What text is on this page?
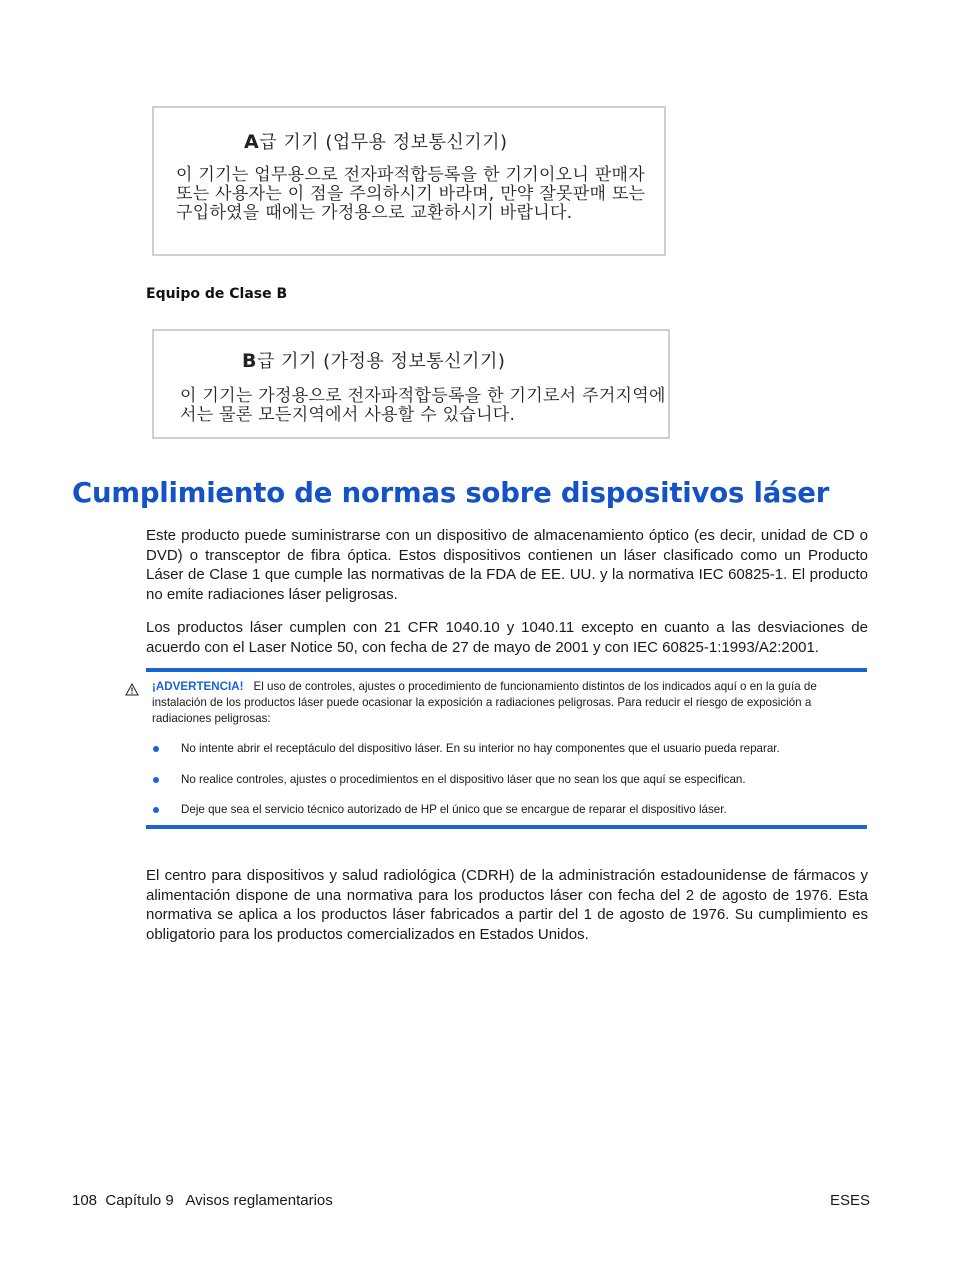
A급 기기 (업무용 정보통신기기)
이 기기는 업무용으로 전자파적합등록을 한 기기이오니 판매자 또는 사용자는 이 점을 주의하시기 바라며, 만약 잘못판매 또는 구입하였을 때에는 가정용으로 교환하시기 바랍니다.
Equipo de Clase B
B급 기기 (가정용 정보통신기기)
이 기기는 가정용으로 전자파적합등록을 한 기기로서 주거지역에서는 물론 모든지역에서 사용할 수 있습니다.
Cumplimiento de normas sobre dispositivos láser

Este producto puede suministrarse con un dispositivo de almacenamiento óptico (es decir, unidad de CD o DVD) o transceptor de fibra óptica. Estos dispositivos contienen un láser clasificado como un Producto Láser de Clase 1 que cumple las normativas de la FDA de EE. UU. y la normativa IEC 60825-1. El producto no emite radiaciones láser peligrosas.

Los productos láser cumplen con 21 CFR 1040.10 y 1040.11 excepto en cuanto a las desviaciones de acuerdo con el Laser Notice 50, con fecha de 27 de mayo de 2001 y con IEC 60825-1:1993/A2:2001.

¡ADVERTENCIA! El uso de controles, ajustes o procedimiento de funcionamiento distintos de los indicados aquí o en la guía de instalación de los productos láser puede ocasionar la exposición a radiaciones peligrosas. Para reducir el riesgo de exposición a radiaciones peligrosas:

No intente abrir el receptáculo del dispositivo láser. En su interior no hay componentes que el usuario pueda reparar.
No realice controles, ajustes o procedimientos en el dispositivo láser que no sean los que aquí se especifican.
Deje que sea el servicio técnico autorizado de HP el único que se encargue de reparar el dispositivo láser.

El centro para dispositivos y salud radiológica (CDRH) de la administración estadounidense de fármacos y alimentación dispone de una normativa para los productos láser con fecha del 2 de agosto de 1976. Esta normativa se aplica a los productos láser fabricados a partir del 1 de agosto de 1976. Su cumplimiento es obligatorio para los productos comercializados en Estados Unidos.

108 Capítulo 9 Avisos reglamentarios	ESES
